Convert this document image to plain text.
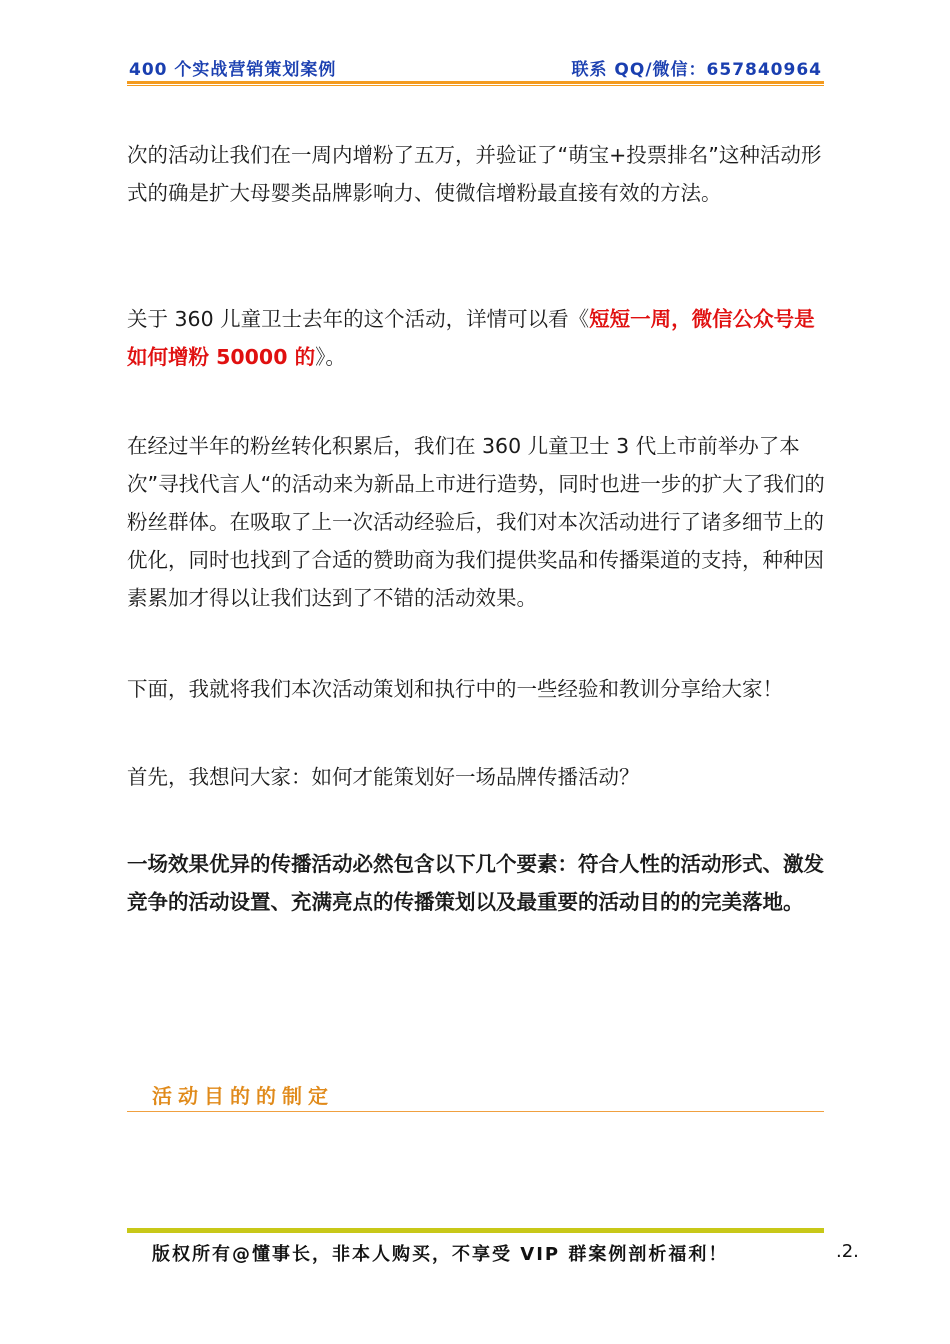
400 个实战营销策划案例	联系 QQ/微信：657840964

次的活动让我们在一周内增粉了五万，并验证了“萌宝+投票排名”这种活动形式的确是扩大母婴类品牌影响力、使微信增粉最直接有效的方法。

关于 360 儿童卫士去年的这个活动，详情可以看《短短一周，微信公众号是如何增粉 50000 的》。

在经过半年的粉丝转化积累后，我们在 360 儿童卫士 3 代上市前举办了本次”寻找代言人“的活动来为新品上市进行造势，同时也进一步的扩大了我们的粉丝群体。在吸取了上一次活动经验后，我们对本次活动进行了诸多细节上的优化，同时也找到了合适的赞助商为我们提供奖品和传播渠道的支持，种种因素累加才得以让我们达到了不错的活动效果。

下面，我就将我们本次活动策划和执行中的一些经验和教训分享给大家！

首先，我想问大家：如何才能策划好一场品牌传播活动？

一场效果优异的传播活动必然包含以下几个要素：符合人性的活动形式、激发竞争的活动设置、充满亮点的传播策划以及最重要的活动目的的完美落地。

活动目的的制定
版权所有@懂事长，非本人购买，不享受 VIP 群案例剖析福利！	.2.
